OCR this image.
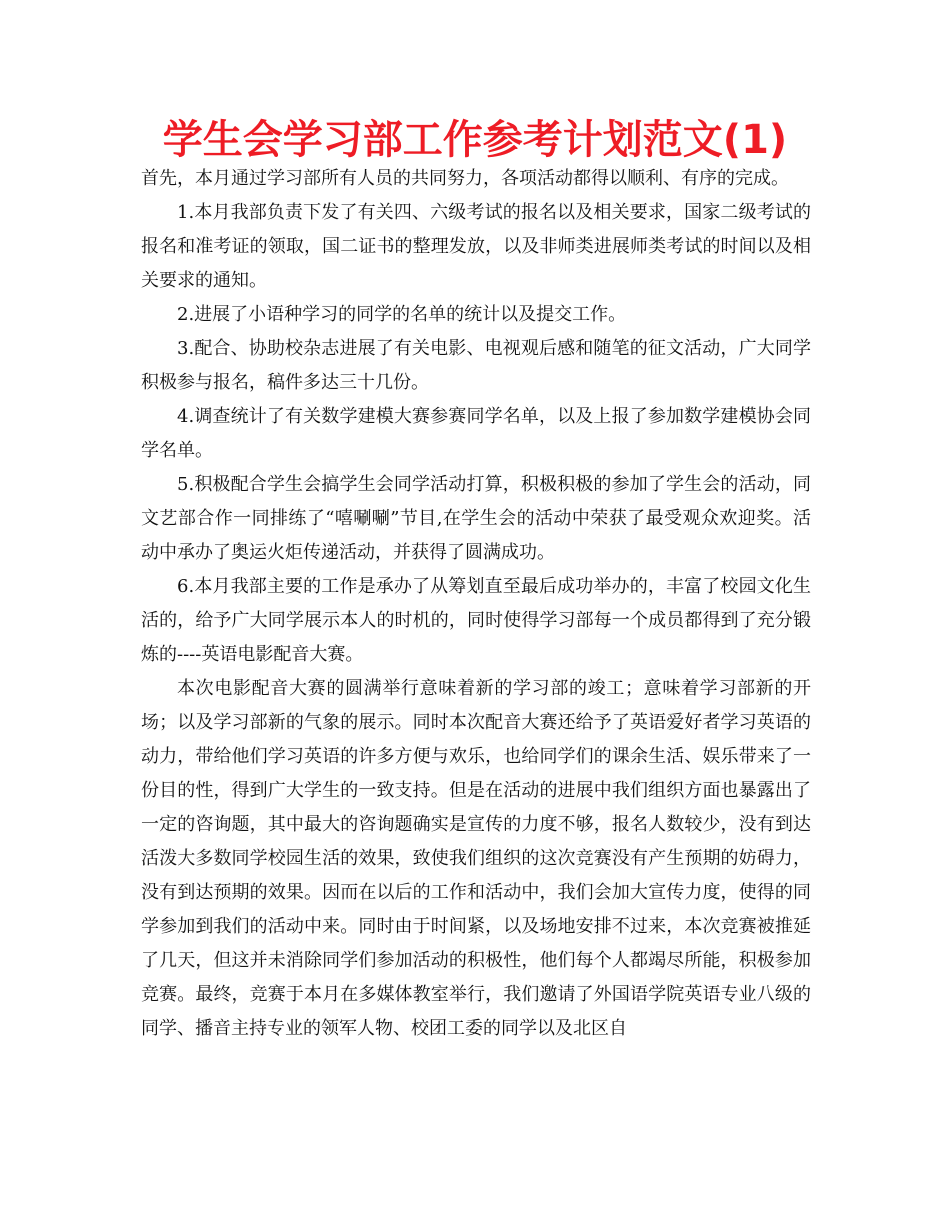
学生会学习部工作参考计划范文(1)

首先，本月通过学习部所有人员的共同努力，各项活动都得以顺利、有序的完成。

1.本月我部负责下发了有关四、六级考试的报名以及相关要求，国家二级考试的报名和准考证的领取，国二证书的整理发放，以及非师类进展师类考试的时间以及相关要求的通知。

2.进展了小语种学习的同学的名单的统计以及提交工作。

3.配合、协助校杂志进展了有关电影、电视观后感和随笔的征文活动，广大同学积极参与报名，稿件多达三十几份。

4.调查统计了有关数学建模大赛参赛同学名单，以及上报了参加数学建模协会同学名单。

5.积极配合学生会搞学生会同学活动打算，积极积极的参加了学生会的活动，同文艺部合作一同排练了“嘻唰唰”节目,在学生会的活动中荣获了最受观众欢迎奖。活动中承办了奥运火炬传递活动，并获得了圆满成功。

6.本月我部主要的工作是承办了从筹划直至最后成功举办的，丰富了校园文化生活的，给予广大同学展示本人的时机的，同时使得学习部每一个成员都得到了充分锻炼的----英语电影配音大赛。

本次电影配音大赛的圆满举行意味着新的学习部的竣工；意味着学习部新的开场；以及学习部新的气象的展示。同时本次配音大赛还给予了英语爱好者学习英语的动力，带给他们学习英语的许多方便与欢乐，也给同学们的课余生活、娱乐带来了一份目的性，得到广大学生的一致支持。但是在活动的进展中我们组织方面也暴露出了一定的咨询题，其中最大的咨询题确实是宣传的力度不够，报名人数较少，没有到达活泼大多数同学校园生活的效果，致使我们组织的这次竞赛没有产生预期的妨碍力，没有到达预期的效果。因而在以后的工作和活动中，我们会加大宣传力度，使得的同学参加到我们的活动中来。同时由于时间紧，以及场地安排不过来，本次竞赛被推延了几天，但这并未消除同学们参加活动的积极性，他们每个人都竭尽所能，积极参加竞赛。最终，竞赛于本月在多媒体教室举行，我们邀请了外国语学院英语专业八级的同学、播音主持专业的领军人物、校团工委的同学以及北区自
